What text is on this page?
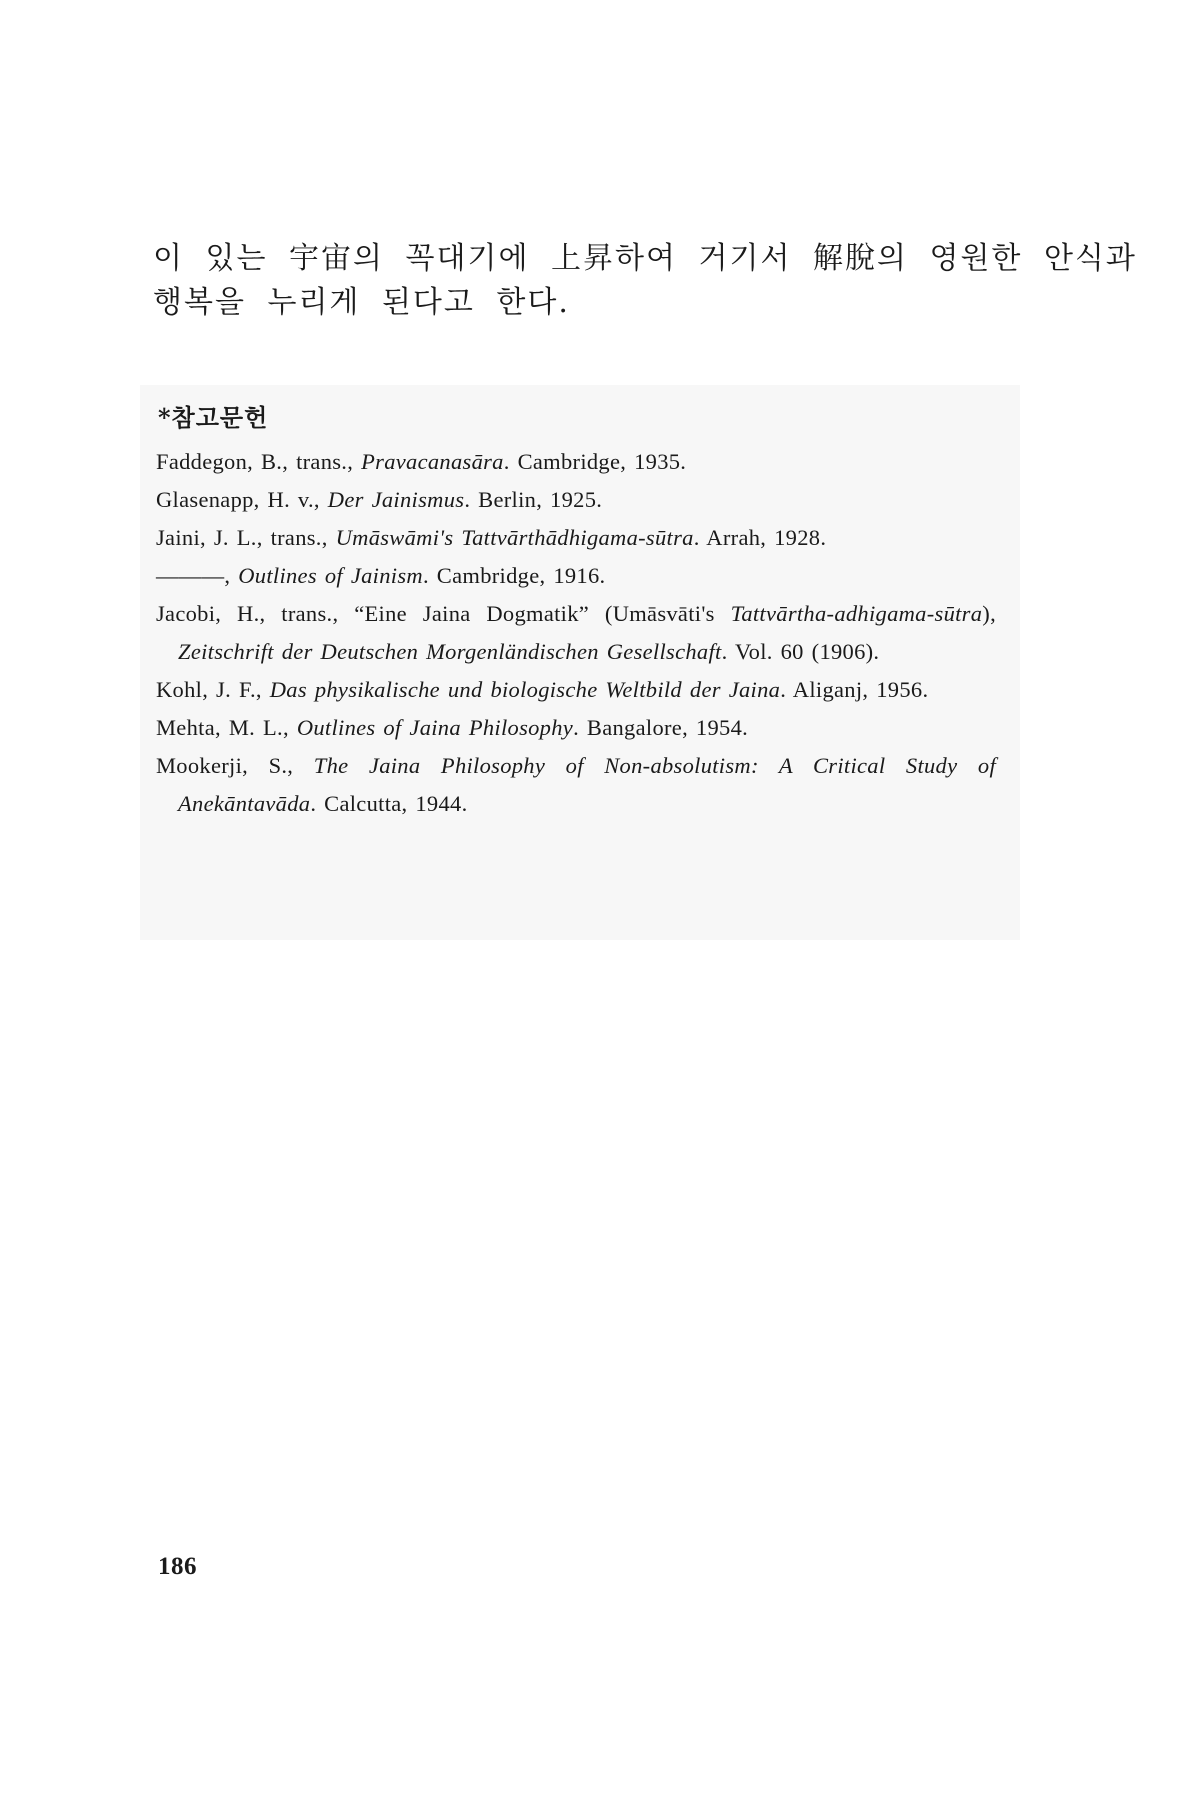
이 있는 宇宙의 꼭대기에 上昇하여 거기서 解脫의 영원한 안식과
행복을 누리게 된다고 한다.

*참고문헌
Faddegon, B., trans., Pravacanasāra. Cambridge, 1935.
Glasenapp, H. v., Der Jainismus. Berlin, 1925.
Jaini, J. L., trans., Umāswāmi's Tattvārthādhigama-sūtra. Arrah, 1928.
———, Outlines of Jainism. Cambridge, 1916.
Jacobi, H., trans., “Eine Jaina Dogmatik” (Umāsvāti's Tattvārtha-adhigama-sūtra), Zeitschrift der Deutschen Morgenländischen Gesellschaft. Vol. 60 (1906).
Kohl, J. F., Das physikalische und biologische Weltbild der Jaina. Aliganj, 1956.
Mehta, M. L., Outlines of Jaina Philosophy. Bangalore, 1954.
Mookerji, S., The Jaina Philosophy of Non-absolutism: A Critical Study of Anekāntavāda. Calcutta, 1944.

186
